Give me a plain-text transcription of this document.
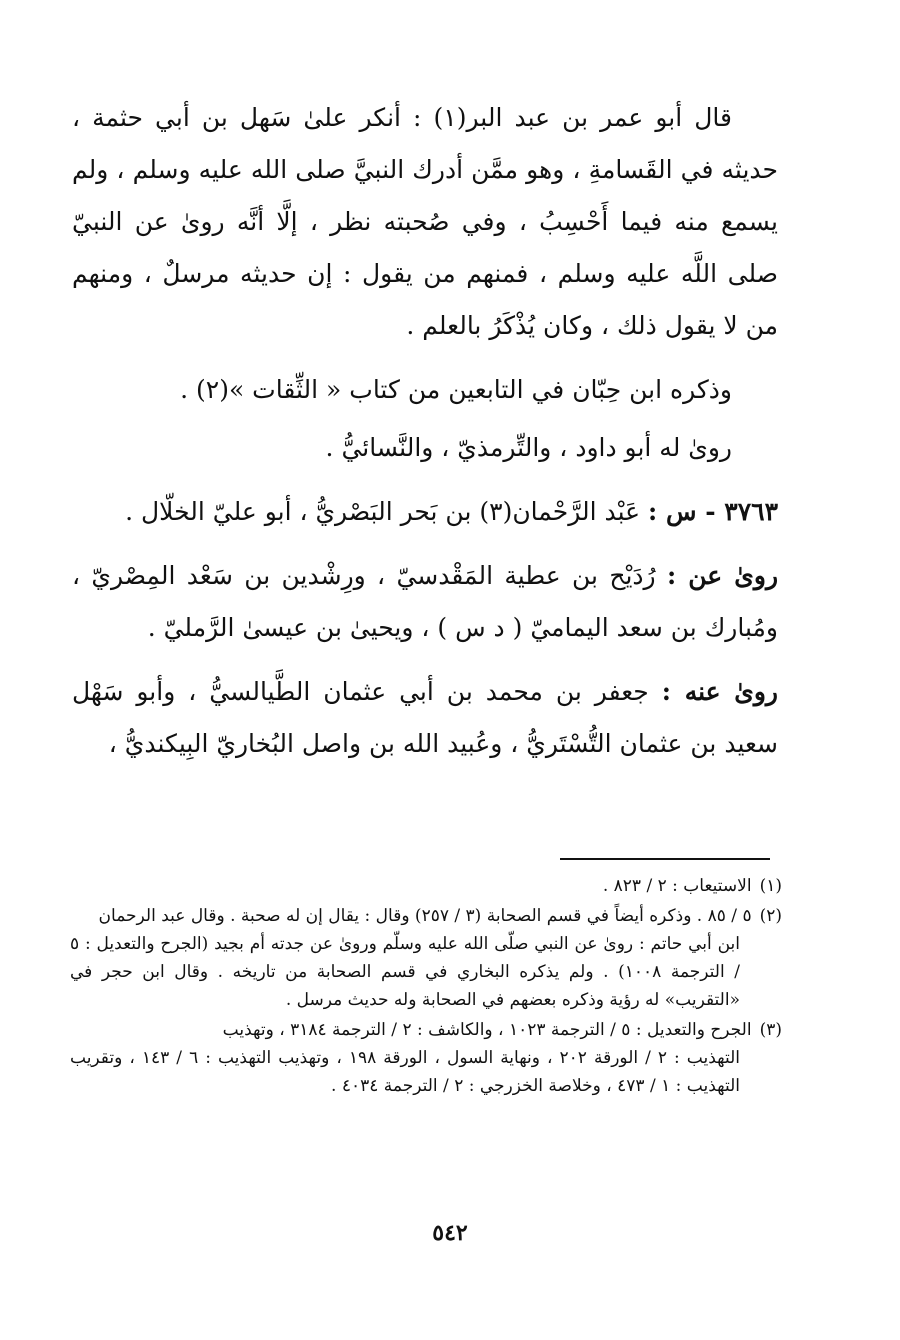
قال أبو عمر بن عبد البر(١) : أنكر علىٰ سَهل بن أبي حثمة ، حديثه في القَسامةِ ، وهو ممَّن أدرك النبيَّ صلى الله عليه وسلم ، ولم يسمع منه فيما أَحْسِبُ ، وفي صُحبته نظر ، إلَّا أنَّه روىٰ عن النبيّ صلى اللَّه عليه وسلم ، فمنهم من يقول : إن حديثه مرسلٌ ، ومنهم من لا يقول ذلك ، وكان يُذْكَرُ بالعلم .

وذكره ابن حِبّان في التابعين من كتاب « الثِّقات »(٢) .

روىٰ له أبو داود ، والتِّرمذيّ ، والنَّسائيُّ .

٣٧٦٣ - س : عَبْد الرَّحْمان(٣) بن بَحر البَصْريُّ ، أبو عليّ الخلّال .

روىٰ عن : رُدَيْح بن عطية المَقْدسيّ ، ورِشْدين بن سَعْد المِصْريّ ، ومُبارك بن سعد اليماميّ ( د س ) ، ويحيىٰ بن عيسىٰ الرَّمليّ .

روىٰ عنه : جعفر بن محمد بن أبي عثمان الطَّيالسيُّ ، وأبو سَهْل سعيد بن عثمان التُّسْتَريُّ ، وعُبيد الله بن واصل البُخاريّ البِيكنديُّ ،

(١)الاستيعاب : ٢ / ٨٢٣ .

(٢)٥ / ٨٥ . وذكره أيضاً في قسم الصحابة (٣ / ٢٥٧) وقال : يقال إن له صحبة . وقال عبد الرحمان
ابن أبي حاتم : روىٰ عن النبي صلّى الله عليه وسلّم وروىٰ عن جدته أم بجيد (الجرح والتعديل : ٥ / الترجمة ١٠٠٨) . ولم يذكره البخاري في قسم الصحابة من تاريخه . وقال ابن حجر في «التقريب» له رؤية وذكره بعضهم في الصحابة وله حديث مرسل .

(٣)الجرح والتعديل : ٥ / الترجمة ١٠٢٣ ، والكاشف : ٢ / الترجمة ٣١٨٤ ، وتهذيب
التهذيب : ٢ / الورقة ٢٠٢ ، ونهاية السول ، الورقة ١٩٨ ، وتهذيب التهذيب : ٦ / ١٤٣ ، وتقريب التهذيب : ١ / ٤٧٣ ، وخلاصة الخزرجي : ٢ / الترجمة ٤٠٣٤ .

٥٤٢
